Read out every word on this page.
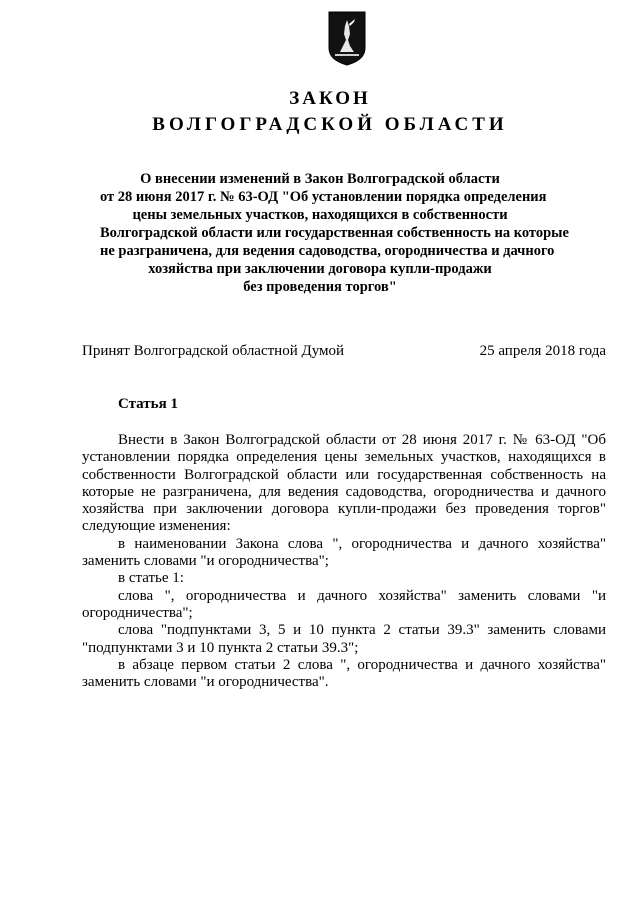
ЗАКОН
ВОЛГОГРАДСКОЙ ОБЛАСТИ
О внесении изменений в Закон Волгоградской области
от 28 июня 2017 г. № 63-ОД "Об установлении порядка определения
цены земельных участков, находящихся в собственности
Волгоградской области или государственная собственность на которые
не разграничена, для ведения садоводства, огородничества и дачного
хозяйства при заключении договора купли-продажи
без проведения торгов"
Принят Волгоградской областной Думой	25 апреля 2018 года
Статья 1
Внести в Закон Волгоградской области от 28 июня 2017 г. № 63-ОД "Об установлении порядка определения цены земельных участков, находящихся в собственности Волгоградской области или государственная собственность на которые не разграничена, для ведения садоводства, огородничества и дачного хозяйства при заключении договора купли-продажи без проведения торгов" следующие изменения:
в наименовании Закона слова ", огородничества и дачного хозяйства" заменить словами "и огородничества";
в статье 1:
слова ", огородничества и дачного хозяйства" заменить словами "и огородничества";
слова "подпунктами 3, 5 и 10 пункта 2 статьи 39.3" заменить словами "подпунктами 3 и 10 пункта 2 статьи 39.3";
в абзаце первом статьи 2 слова ", огородничества и дачного хозяйства" заменить словами "и огородничества".
